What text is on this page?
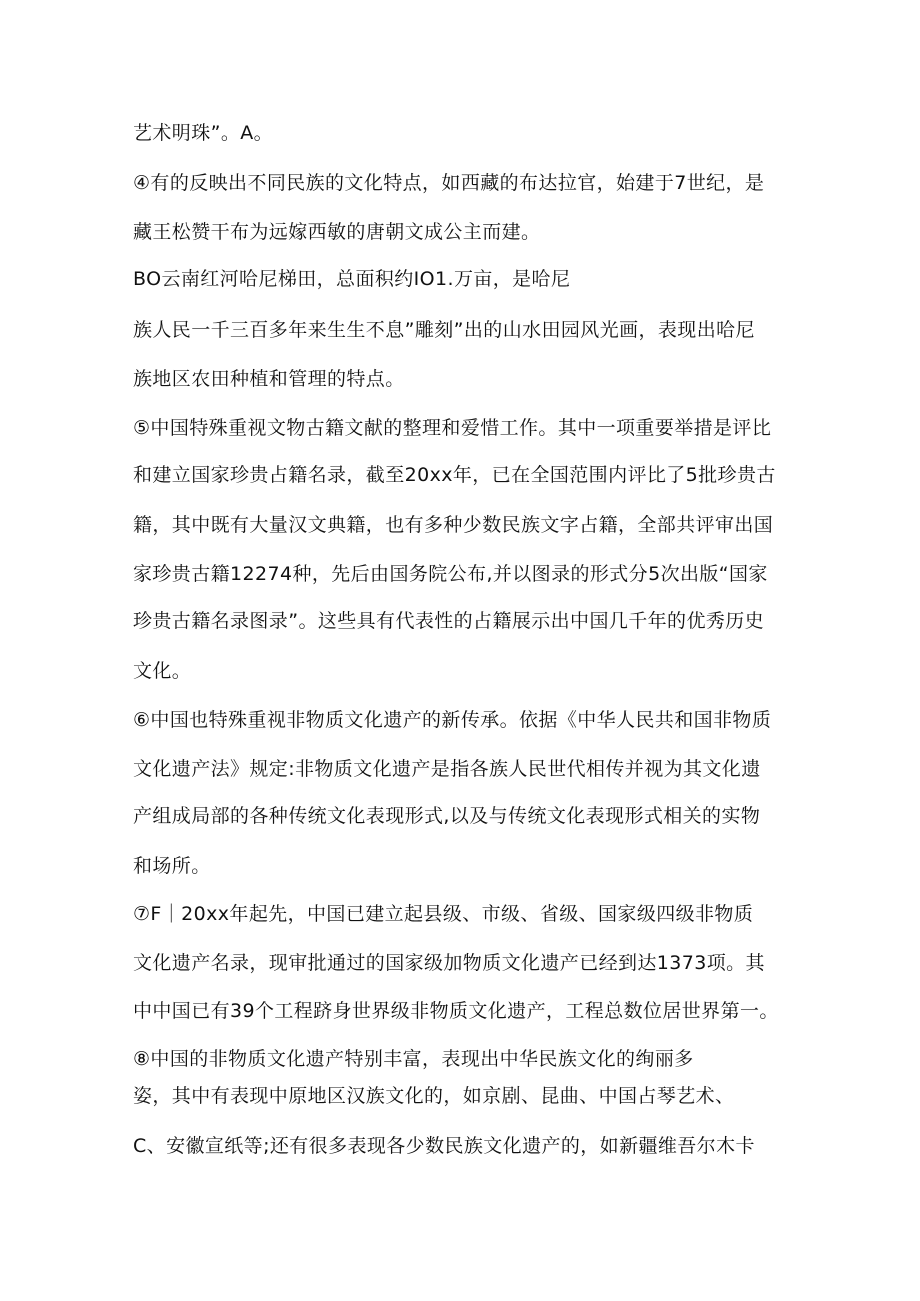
艺术明珠”。A。
④有的反映出不同民族的文化特点，如西藏的布达拉官，始建于7世纪，是
藏王松赞干布为远嫁西敏的唐朝文成公主而建。
BO云南红河哈尼梯田，总面积约IO1.万亩，是哈尼
族人民一千三百多年来生生不息”雕刻”出的山水田园风光画，表现出哈尼
族地区农田种植和管理的特点。
⑤中国特殊重视文物古籍文献的整理和爱惜工作。其中一项重要举措是评比
和建立国家珍贵占籍名录，截至20xx年，已在全国范围内评比了5批珍贵古
籍，其中既有大量汉文典籍，也有多种少数民族文字占籍，全部共评审出国
家珍贵古籍12274种，先后由国务院公布,并以图录的形式分5次出版“国家
珍贵古籍名录图录”。这些具有代表性的占籍展示出中国几千年的优秀历史
文化。
⑥中国也特殊重视非物质文化遗产的新传承。依据《中华人民共和国非物质
文化遗产法》规定:非物质文化遗产是指各族人民世代相传并视为其文化遗
产组成局部的各种传统文化表现形式,以及与传统文化表现形式相关的实物
和场所。
⑦F｜20xx年起先，中国已建立起县级、市级、省级、国家级四级非物质
文化遗产名录，现审批通过的国家级加物质文化遗产已经到达1373项。其
中中国已有39个工程跻身世界级非物质文化遗产，工程总数位居世界第一。
⑧中国的非物质文化遗产特别丰富，表现出中华民族文化的绚丽多
姿，其中有表现中原地区汉族文化的，如京剧、昆曲、中国占琴艺术、
C、安徽宣纸等;还有很多表现各少数民族文化遗产的，如新疆维吾尔木卡
